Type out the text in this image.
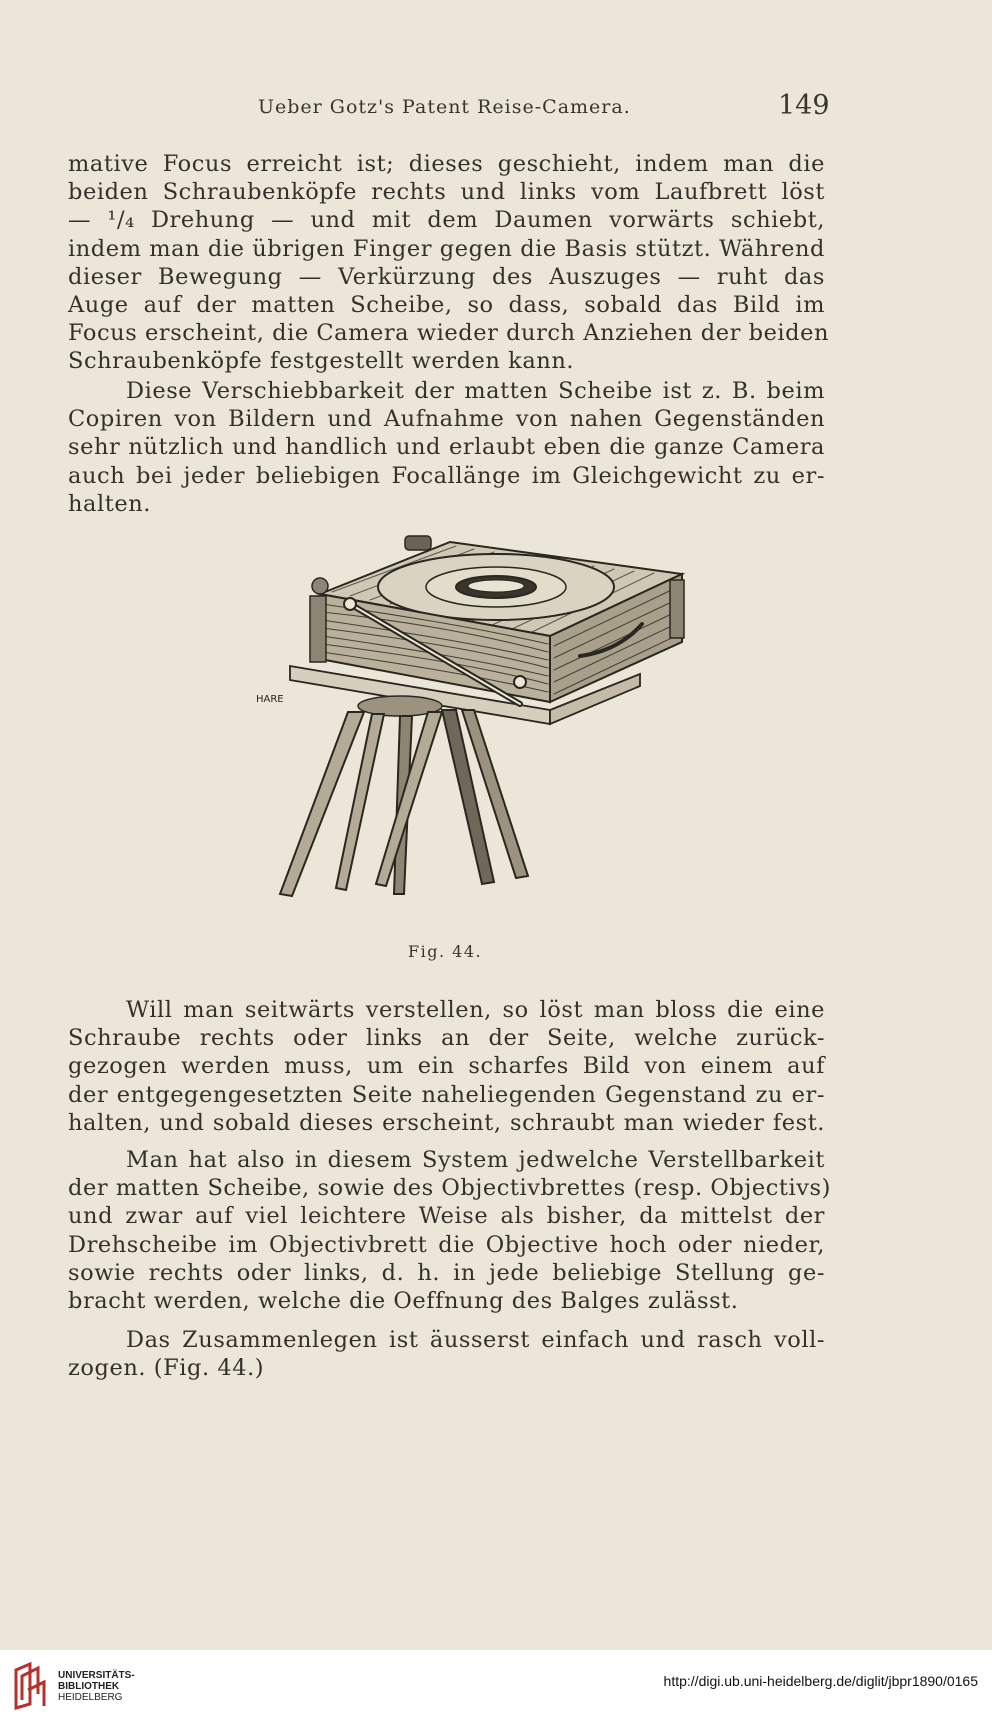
Ueber Gotz's Patent Reise-Camera.	149
mative Focus erreicht ist; dieses geschieht, indem man die
beiden Schraubenköpfe rechts und links vom Laufbrett löst
— ¹/₄ Drehung — und mit dem Daumen vorwärts schiebt,
indem man die übrigen Finger gegen die Basis stützt. Während
dieser Bewegung — Verkürzung des Auszuges — ruht das
Auge auf der matten Scheibe, so dass, sobald das Bild im
Focus erscheint, die Camera wieder durch Anziehen der beiden
Schraubenköpfe festgestellt werden kann.
Diese Verschiebbarkeit der matten Scheibe ist z. B. beim
Copiren von Bildern und Aufnahme von nahen Gegenständen
sehr nützlich und handlich und erlaubt eben die ganze Camera
auch bei jeder beliebigen Focallänge im Gleichgewicht zu er-
halten.
HARE
Fig. 44.
Will man seitwärts verstellen, so löst man bloss die eine
Schraube rechts oder links an der Seite, welche zurück-
gezogen werden muss, um ein scharfes Bild von einem auf
der entgegengesetzten Seite naheliegenden Gegenstand zu er-
halten, und sobald dieses erscheint, schraubt man wieder fest.
Man hat also in diesem System jedwelche Verstellbarkeit
der matten Scheibe, sowie des Objectivbrettes (resp. Objectivs)
und zwar auf viel leichtere Weise als bisher, da mittelst der
Drehscheibe im Objectivbrett die Objective hoch oder nieder,
sowie rechts oder links, d. h. in jede beliebige Stellung ge-
bracht werden, welche die Oeffnung des Balges zulässt.
Das Zusammenlegen ist äusserst einfach und rasch voll-
zogen. (Fig. 44.)
UNIVERSITÄTS-
BIBLIOTHEK
HEIDELBERG
http://digi.ub.uni-heidelberg.de/diglit/jbpr1890/0165
